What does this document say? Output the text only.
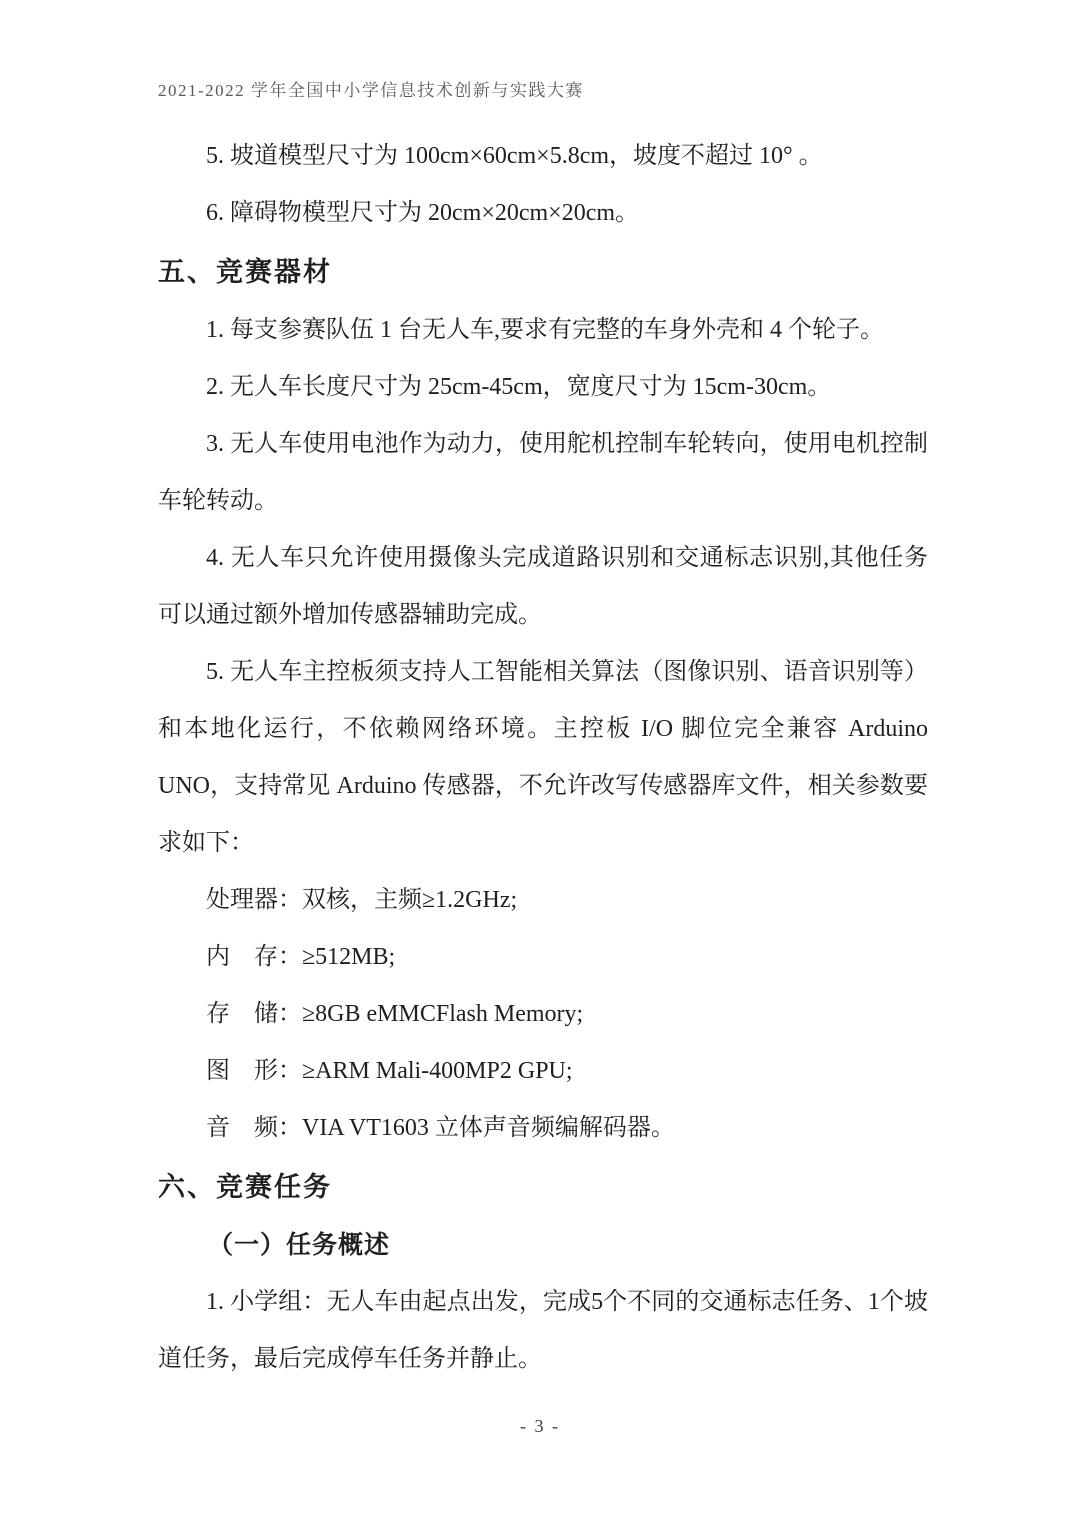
2021-2022 学年全国中小学信息技术创新与实践大赛

5. 坡道模型尺寸为 100cm×60cm×5.8cm，坡度不超过 10° 。

6. 障碍物模型尺寸为 20cm×20cm×20cm。

五、竞赛器材

1. 每支参赛队伍 1 台无人车,要求有完整的车身外壳和 4 个轮子。

2. 无人车长度尺寸为 25cm-45cm，宽度尺寸为 15cm-30cm。

3. 无人车使用电池作为动力，使用舵机控制车轮转向，使用电机控制车轮转动。

4. 无人车只允许使用摄像头完成道路识别和交通标志识别,其他任务可以通过额外增加传感器辅助完成。

5. 无人车主控板须支持人工智能相关算法（图像识别、语音识别等）和本地化运行，不依赖网络环境。主控板 I/O 脚位完全兼容 Arduino UNO，支持常见 Arduino 传感器，不允许改写传感器库文件，相关参数要求如下：

处理器：双核，主频≥1.2GHz;

内　存：≥512MB;

存　储：≥8GB eMMCFlash Memory;

图　形：≥ARM Mali-400MP2 GPU;

音　频：VIA VT1603 立体声音频编解码器。

六、竞赛任务
（一）任务概述

1. 小学组：无人车由起点出发，完成5个不同的交通标志任务、1个坡道任务，最后完成停车任务并静止。

- 3 -
